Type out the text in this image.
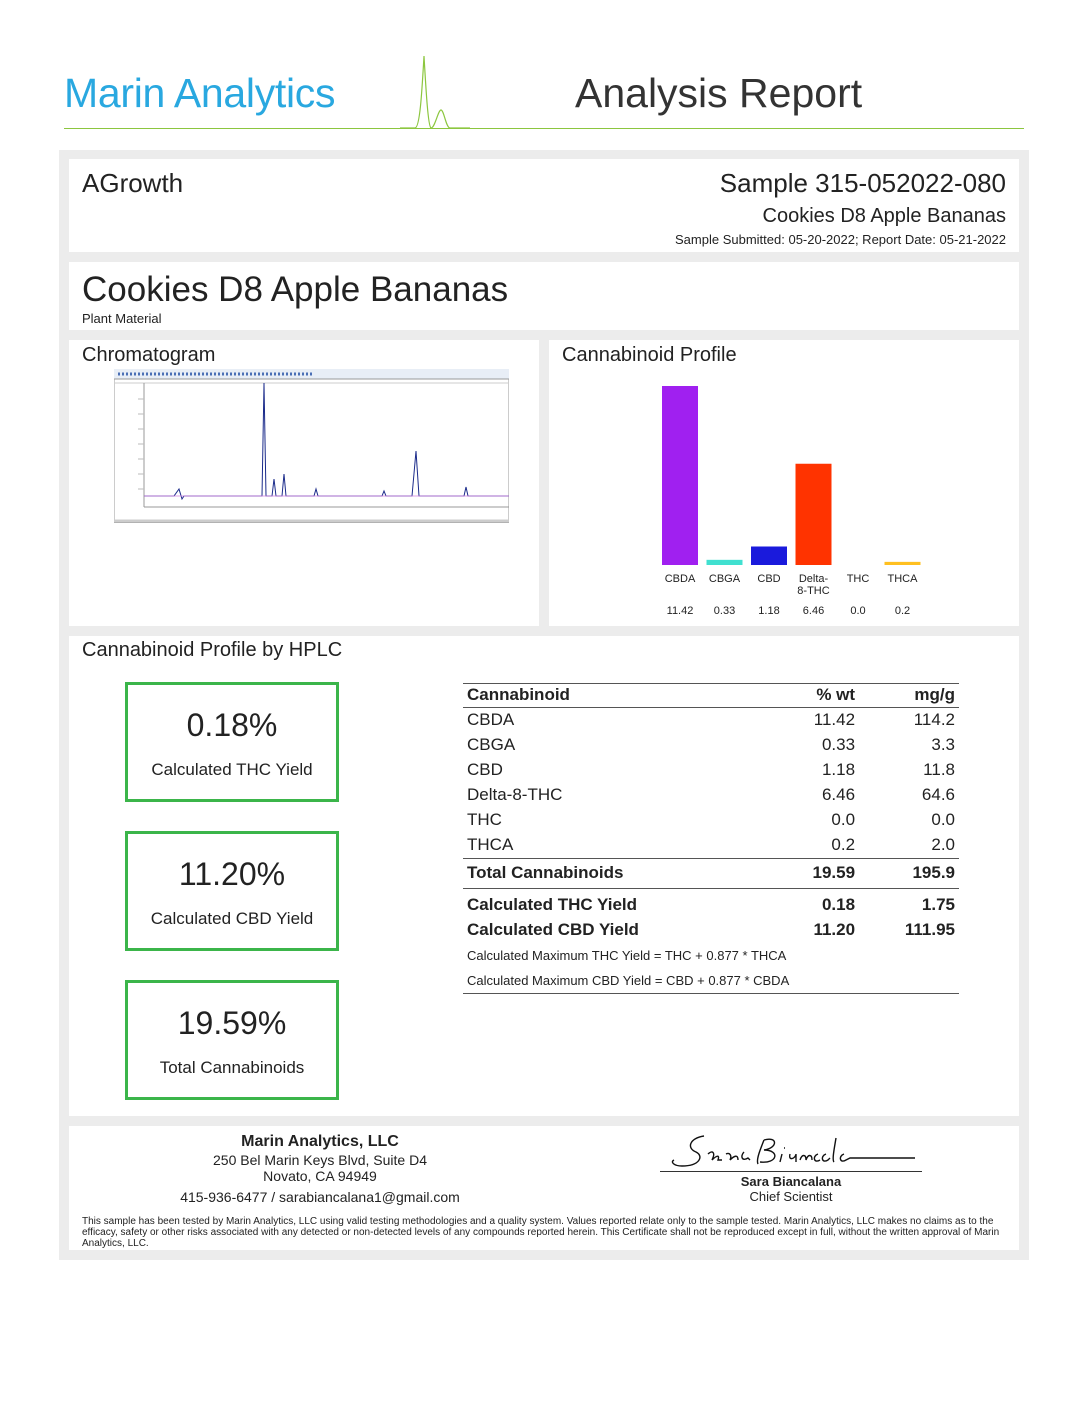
Marin Analytics	Analysis Report
AGrowth	Sample 315-052022-080
Cookies D8 Apple Bananas
Sample Submitted: 05-20-2022; Report Date: 05-21-2022
Cookies D8 Apple Bananas
Plant Material
Chromatogram	Cannabinoid Profile
CBDA
11.42
CBGA
0.33
CBD
1.18
Delta-8-THC
6.46
THC
0.0
THCA
0.2
Cannabinoid Profile by HPLC
0.18%
Calculated THC Yield
11.20%
Calculated CBD Yield
19.59%
Total Cannabinoids
Cannabinoid	% wt	mg/g
CBDA	11.42	114.2
CBGA	0.33	3.3
CBD	1.18	11.8
Delta-8-THC	6.46	64.6
THC	0.0	0.0
THCA	0.2	2.0
Total Cannabinoids	19.59	195.9
Calculated THC Yield	0.18	1.75
Calculated CBD Yield	11.20	111.95
Calculated Maximum THC Yield = THC + 0.877 * THCA		
Calculated Maximum CBD Yield = CBD + 0.877 * CBDA		
Marin Analytics, LLC
250 Bel Marin Keys Blvd, Suite D4
Novato, CA 94949
415-936-6477 / sarabiancalana1@gmail.com
Sara Biancalana
Chief Scientist
This sample has been tested by Marin Analytics, LLC using valid testing methodologies and a quality system. Values reported relate only to the sample tested. Marin Analytics, LLC makes no claims as to the efficacy, safety or other risks associated with any detected or non-detected levels of any compounds reported herein. This Certificate shall not be reproduced except in full, without the written approval of Marin Analytics, LLC.
